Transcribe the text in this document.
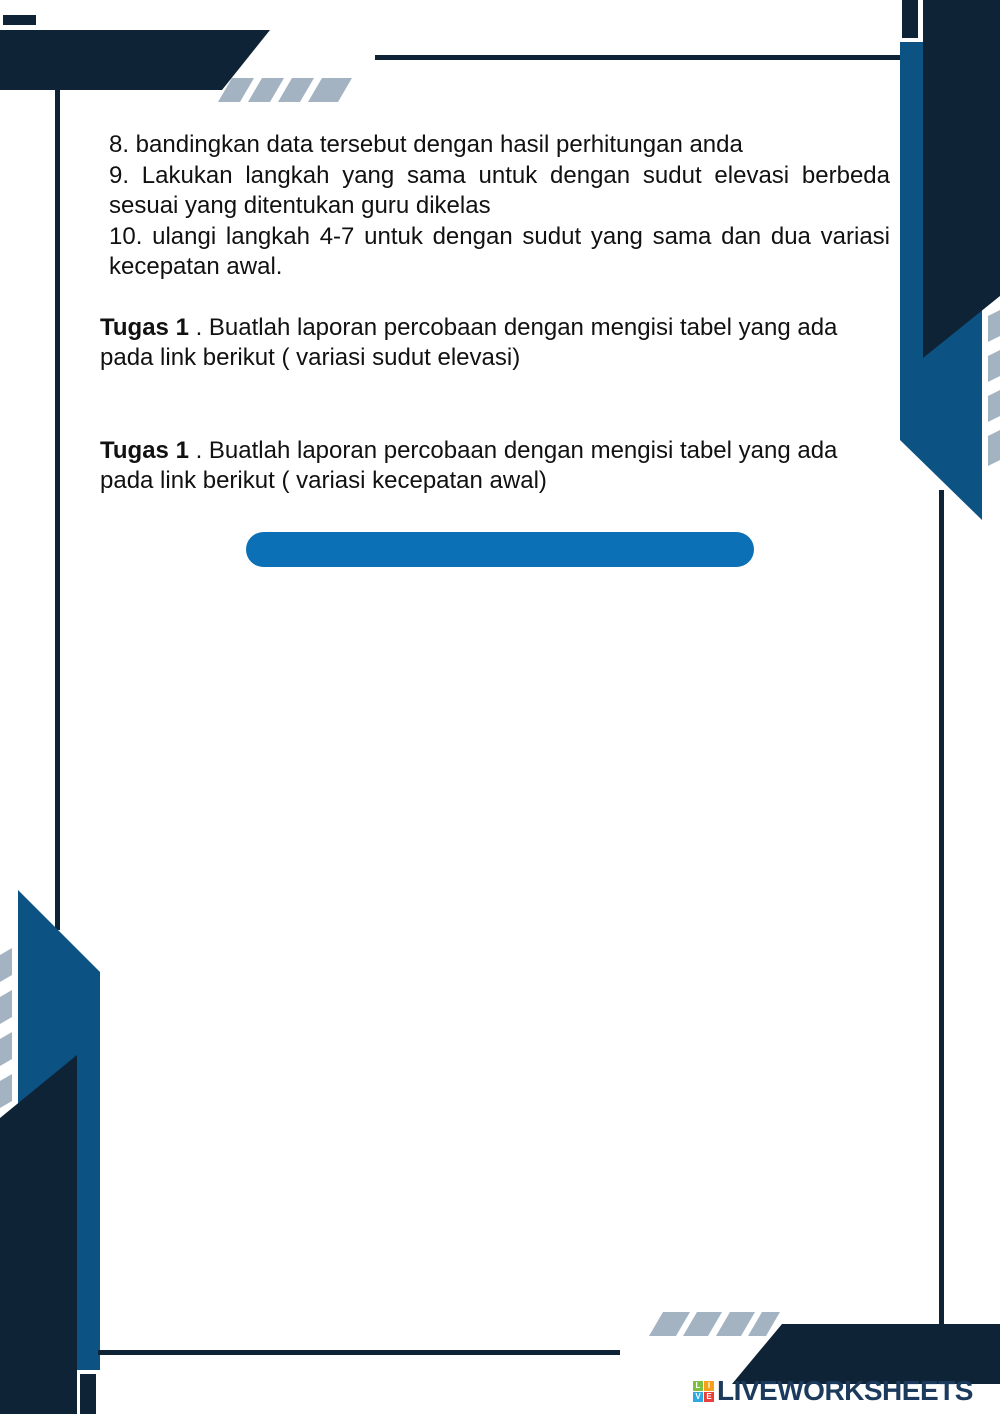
8. bandingkan data tersebut dengan hasil perhitungan anda

9. Lakukan langkah yang sama untuk dengan sudut elevasi berbeda sesuai yang ditentukan guru dikelas

10. ulangi langkah 4-7 untuk dengan sudut yang sama dan dua variasi kecepatan awal.

Tugas 1 . Buatlah laporan percobaan dengan mengisi tabel yang ada pada link berikut ( variasi sudut elevasi)

Tugas 1 . Buatlah laporan percobaan dengan mengisi tabel yang ada pada link berikut ( variasi kecepatan awal)

L I
V E LIVEWORKSHEETS
